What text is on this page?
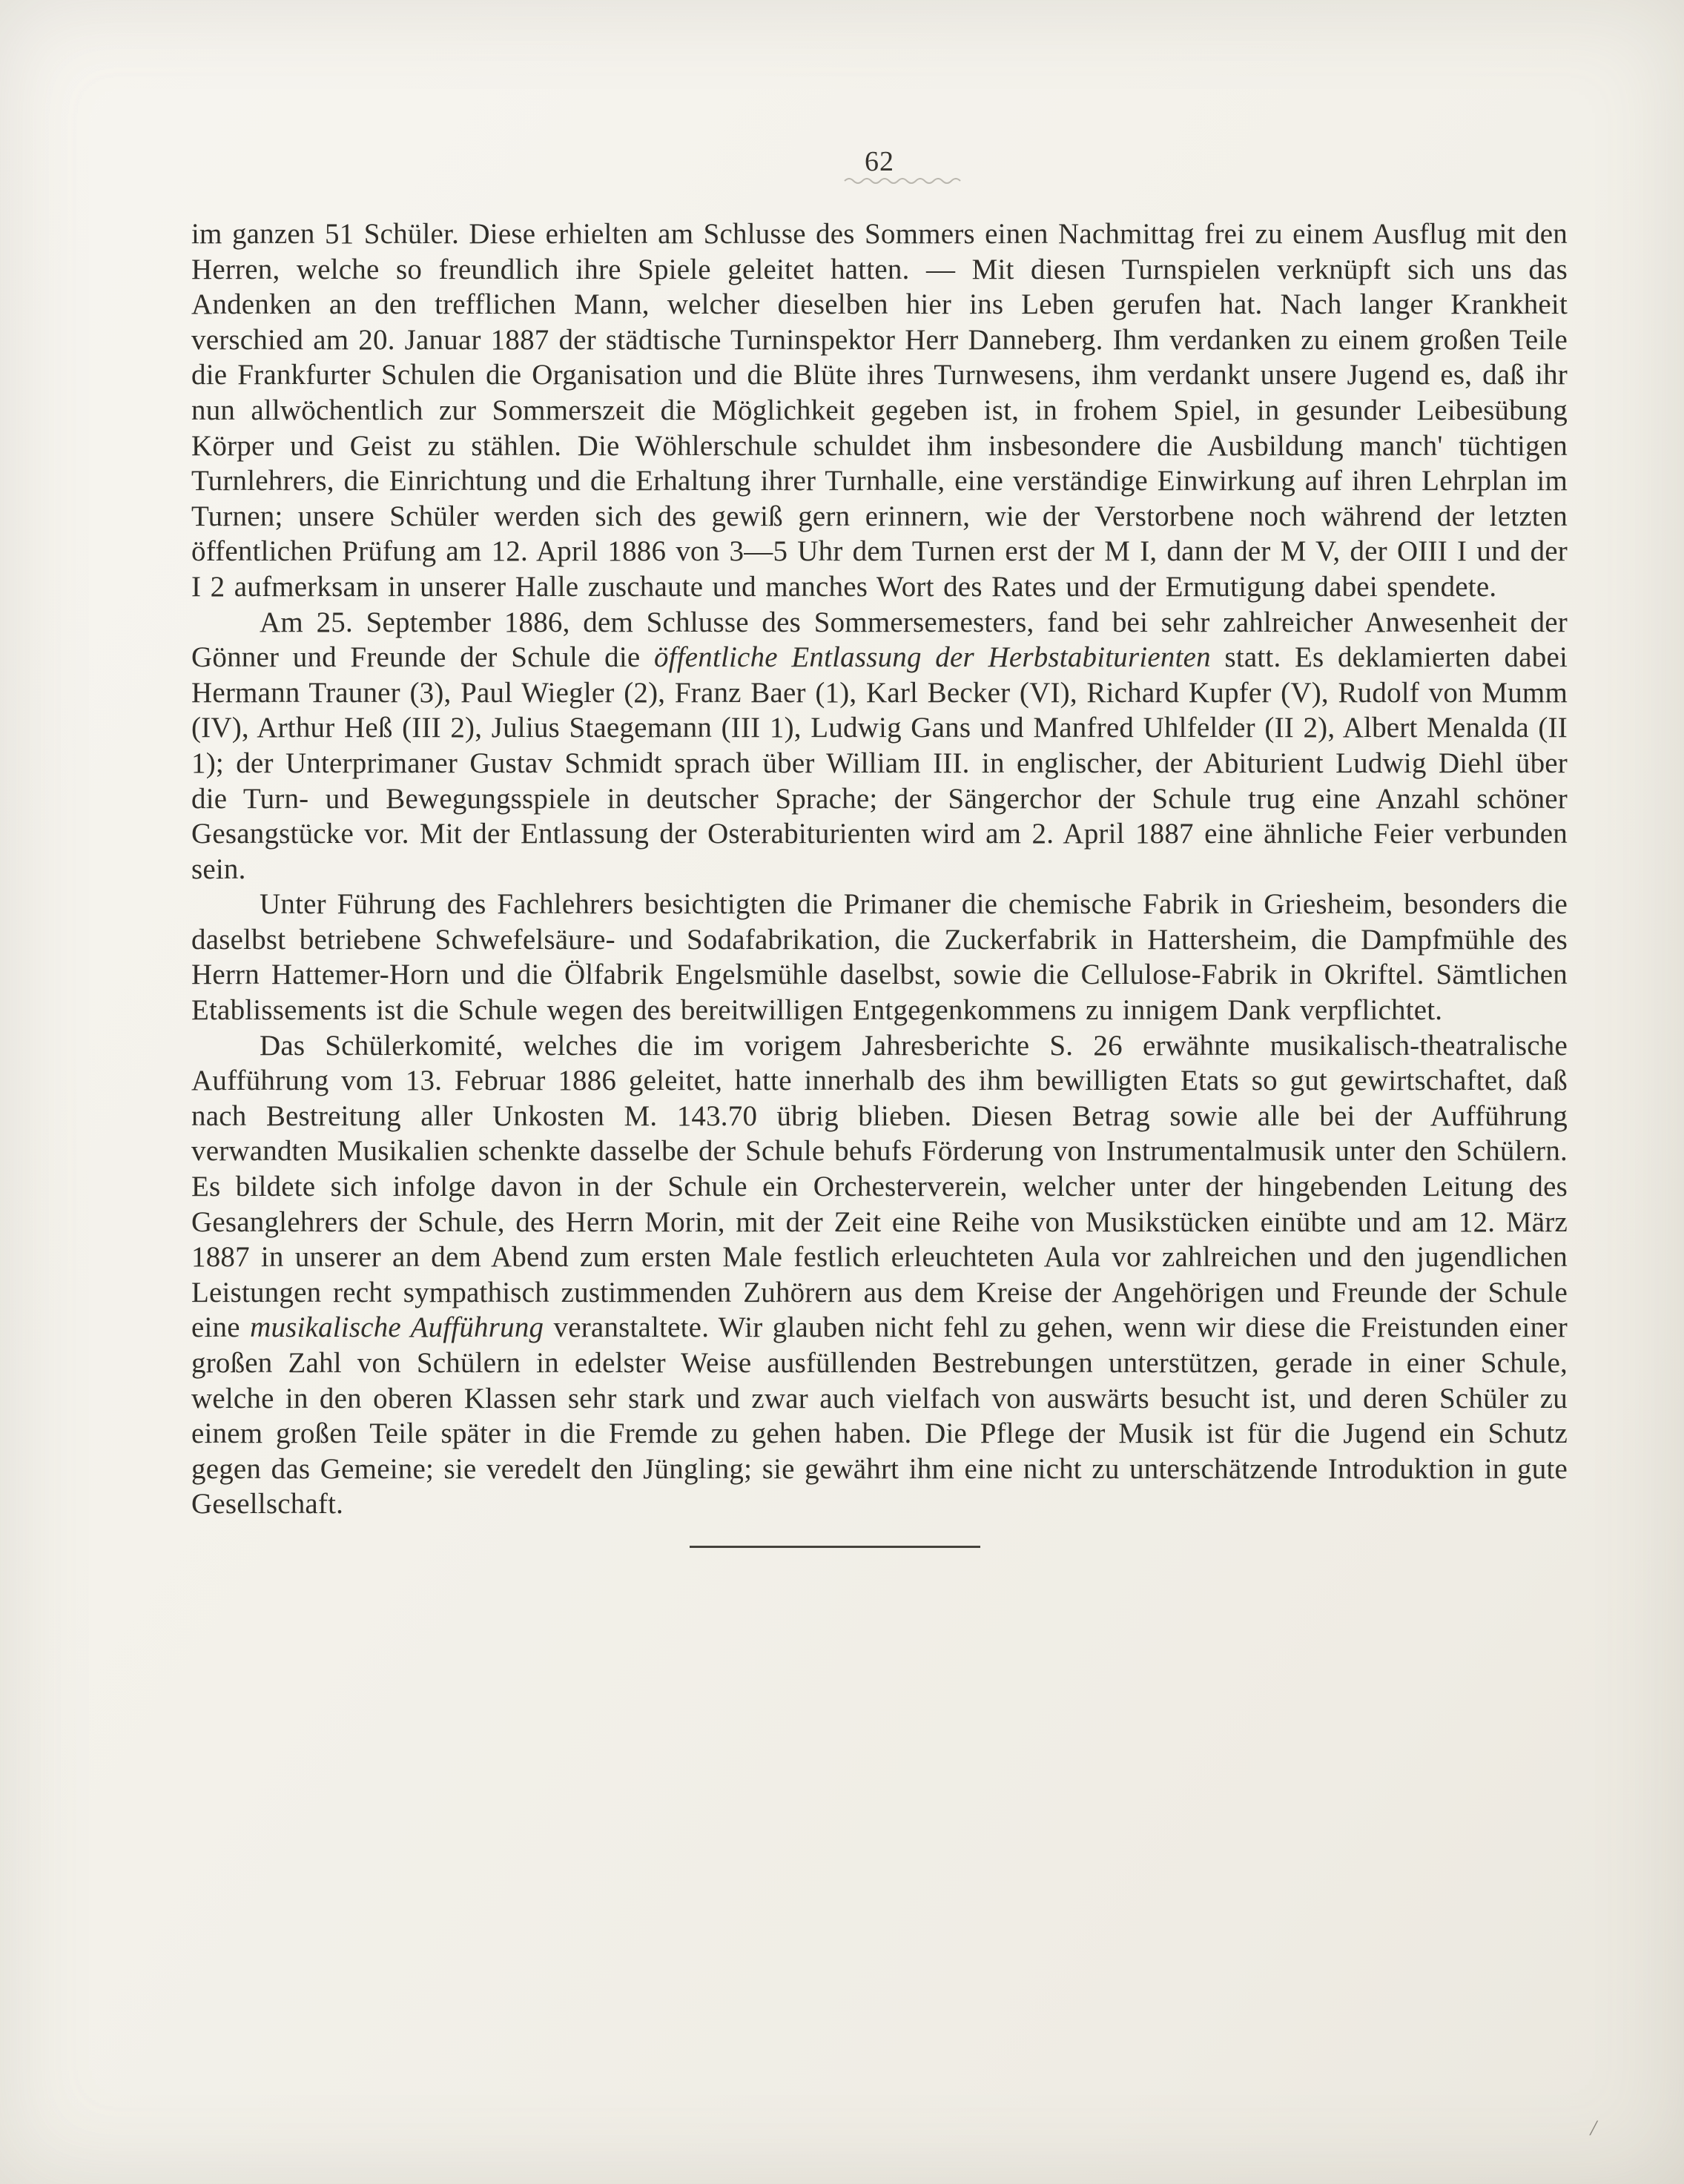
62

im ganzen 51 Schüler. Diese erhielten am Schlusse des Sommers einen Nachmittag frei zu einem Ausflug mit den Herren, welche so freundlich ihre Spiele geleitet hatten. — Mit diesen Turnspielen verknüpft sich uns das Andenken an den trefflichen Mann, welcher dieselben hier ins Leben gerufen hat. Nach langer Krankheit verschied am 20. Januar 1887 der städtische Turninspektor Herr Danneberg. Ihm verdanken zu einem großen Teile die Frankfurter Schulen die Organisation und die Blüte ihres Turnwesens, ihm verdankt unsere Jugend es, daß ihr nun allwöchentlich zur Sommerszeit die Möglichkeit gegeben ist, in frohem Spiel, in gesunder Leibesübung Körper und Geist zu stählen. Die Wöhlerschule schuldet ihm insbesondere die Ausbildung manch' tüchtigen Turnlehrers, die Einrichtung und die Erhaltung ihrer Turnhalle, eine verständige Einwirkung auf ihren Lehrplan im Turnen; unsere Schüler werden sich des gewiß gern erinnern, wie der Verstorbene noch während der letzten öffentlichen Prüfung am 12. April 1886 von 3—5 Uhr dem Turnen erst der M I, dann der M V, der OIII I und der I 2 aufmerksam in unserer Halle zuschaute und manches Wort des Rates und der Ermutigung dabei spendete.

Am 25. September 1886, dem Schlusse des Sommersemesters, fand bei sehr zahlreicher Anwesenheit der Gönner und Freunde der Schule die öffentliche Entlassung der Herbstabiturienten statt. Es deklamierten dabei Hermann Trauner (3), Paul Wiegler (2), Franz Baer (1), Karl Becker (VI), Richard Kupfer (V), Rudolf von Mumm (IV), Arthur Heß (III 2), Julius Staegemann (III 1), Ludwig Gans und Manfred Uhlfelder (II 2), Albert Menalda (II 1); der Unterprimaner Gustav Schmidt sprach über William III. in englischer, der Abiturient Ludwig Diehl über die Turn- und Bewegungsspiele in deutscher Sprache; der Sängerchor der Schule trug eine Anzahl schöner Gesangstücke vor. Mit der Entlassung der Osterabiturienten wird am 2. April 1887 eine ähnliche Feier verbunden sein.

Unter Führung des Fachlehrers besichtigten die Primaner die chemische Fabrik in Griesheim, besonders die daselbst betriebene Schwefelsäure- und Sodafabrikation, die Zuckerfabrik in Hattersheim, die Dampfmühle des Herrn Hattemer-Horn und die Ölfabrik Engelsmühle daselbst, sowie die Cellulose-Fabrik in Okriftel. Sämtlichen Etablissements ist die Schule wegen des bereitwilligen Entgegenkommens zu innigem Dank verpflichtet.

Das Schülerkomité, welches die im vorigem Jahresberichte S. 26 erwähnte musikalisch-theatralische Aufführung vom 13. Februar 1886 geleitet, hatte innerhalb des ihm bewilligten Etats so gut gewirtschaftet, daß nach Bestreitung aller Unkosten M. 143.70 übrig blieben. Diesen Betrag sowie alle bei der Aufführung verwandten Musikalien schenkte dasselbe der Schule behufs Förderung von Instrumentalmusik unter den Schülern. Es bildete sich infolge davon in der Schule ein Orchesterverein, welcher unter der hingebenden Leitung des Gesanglehrers der Schule, des Herrn Morin, mit der Zeit eine Reihe von Musikstücken einübte und am 12. März 1887 in unserer an dem Abend zum ersten Male festlich erleuchteten Aula vor zahlreichen und den jugendlichen Leistungen recht sympathisch zustimmenden Zuhörern aus dem Kreise der Angehörigen und Freunde der Schule eine musikalische Aufführung veranstaltete. Wir glauben nicht fehl zu gehen, wenn wir diese die Freistunden einer großen Zahl von Schülern in edelster Weise ausfüllenden Bestrebungen unterstützen, gerade in einer Schule, welche in den oberen Klassen sehr stark und zwar auch vielfach von auswärts besucht ist, und deren Schüler zu einem großen Teile später in die Fremde zu gehen haben. Die Pflege der Musik ist für die Jugend ein Schutz gegen das Gemeine; sie veredelt den Jüngling; sie gewährt ihm eine nicht zu unterschätzende Introduktion in gute Gesellschaft.

/
